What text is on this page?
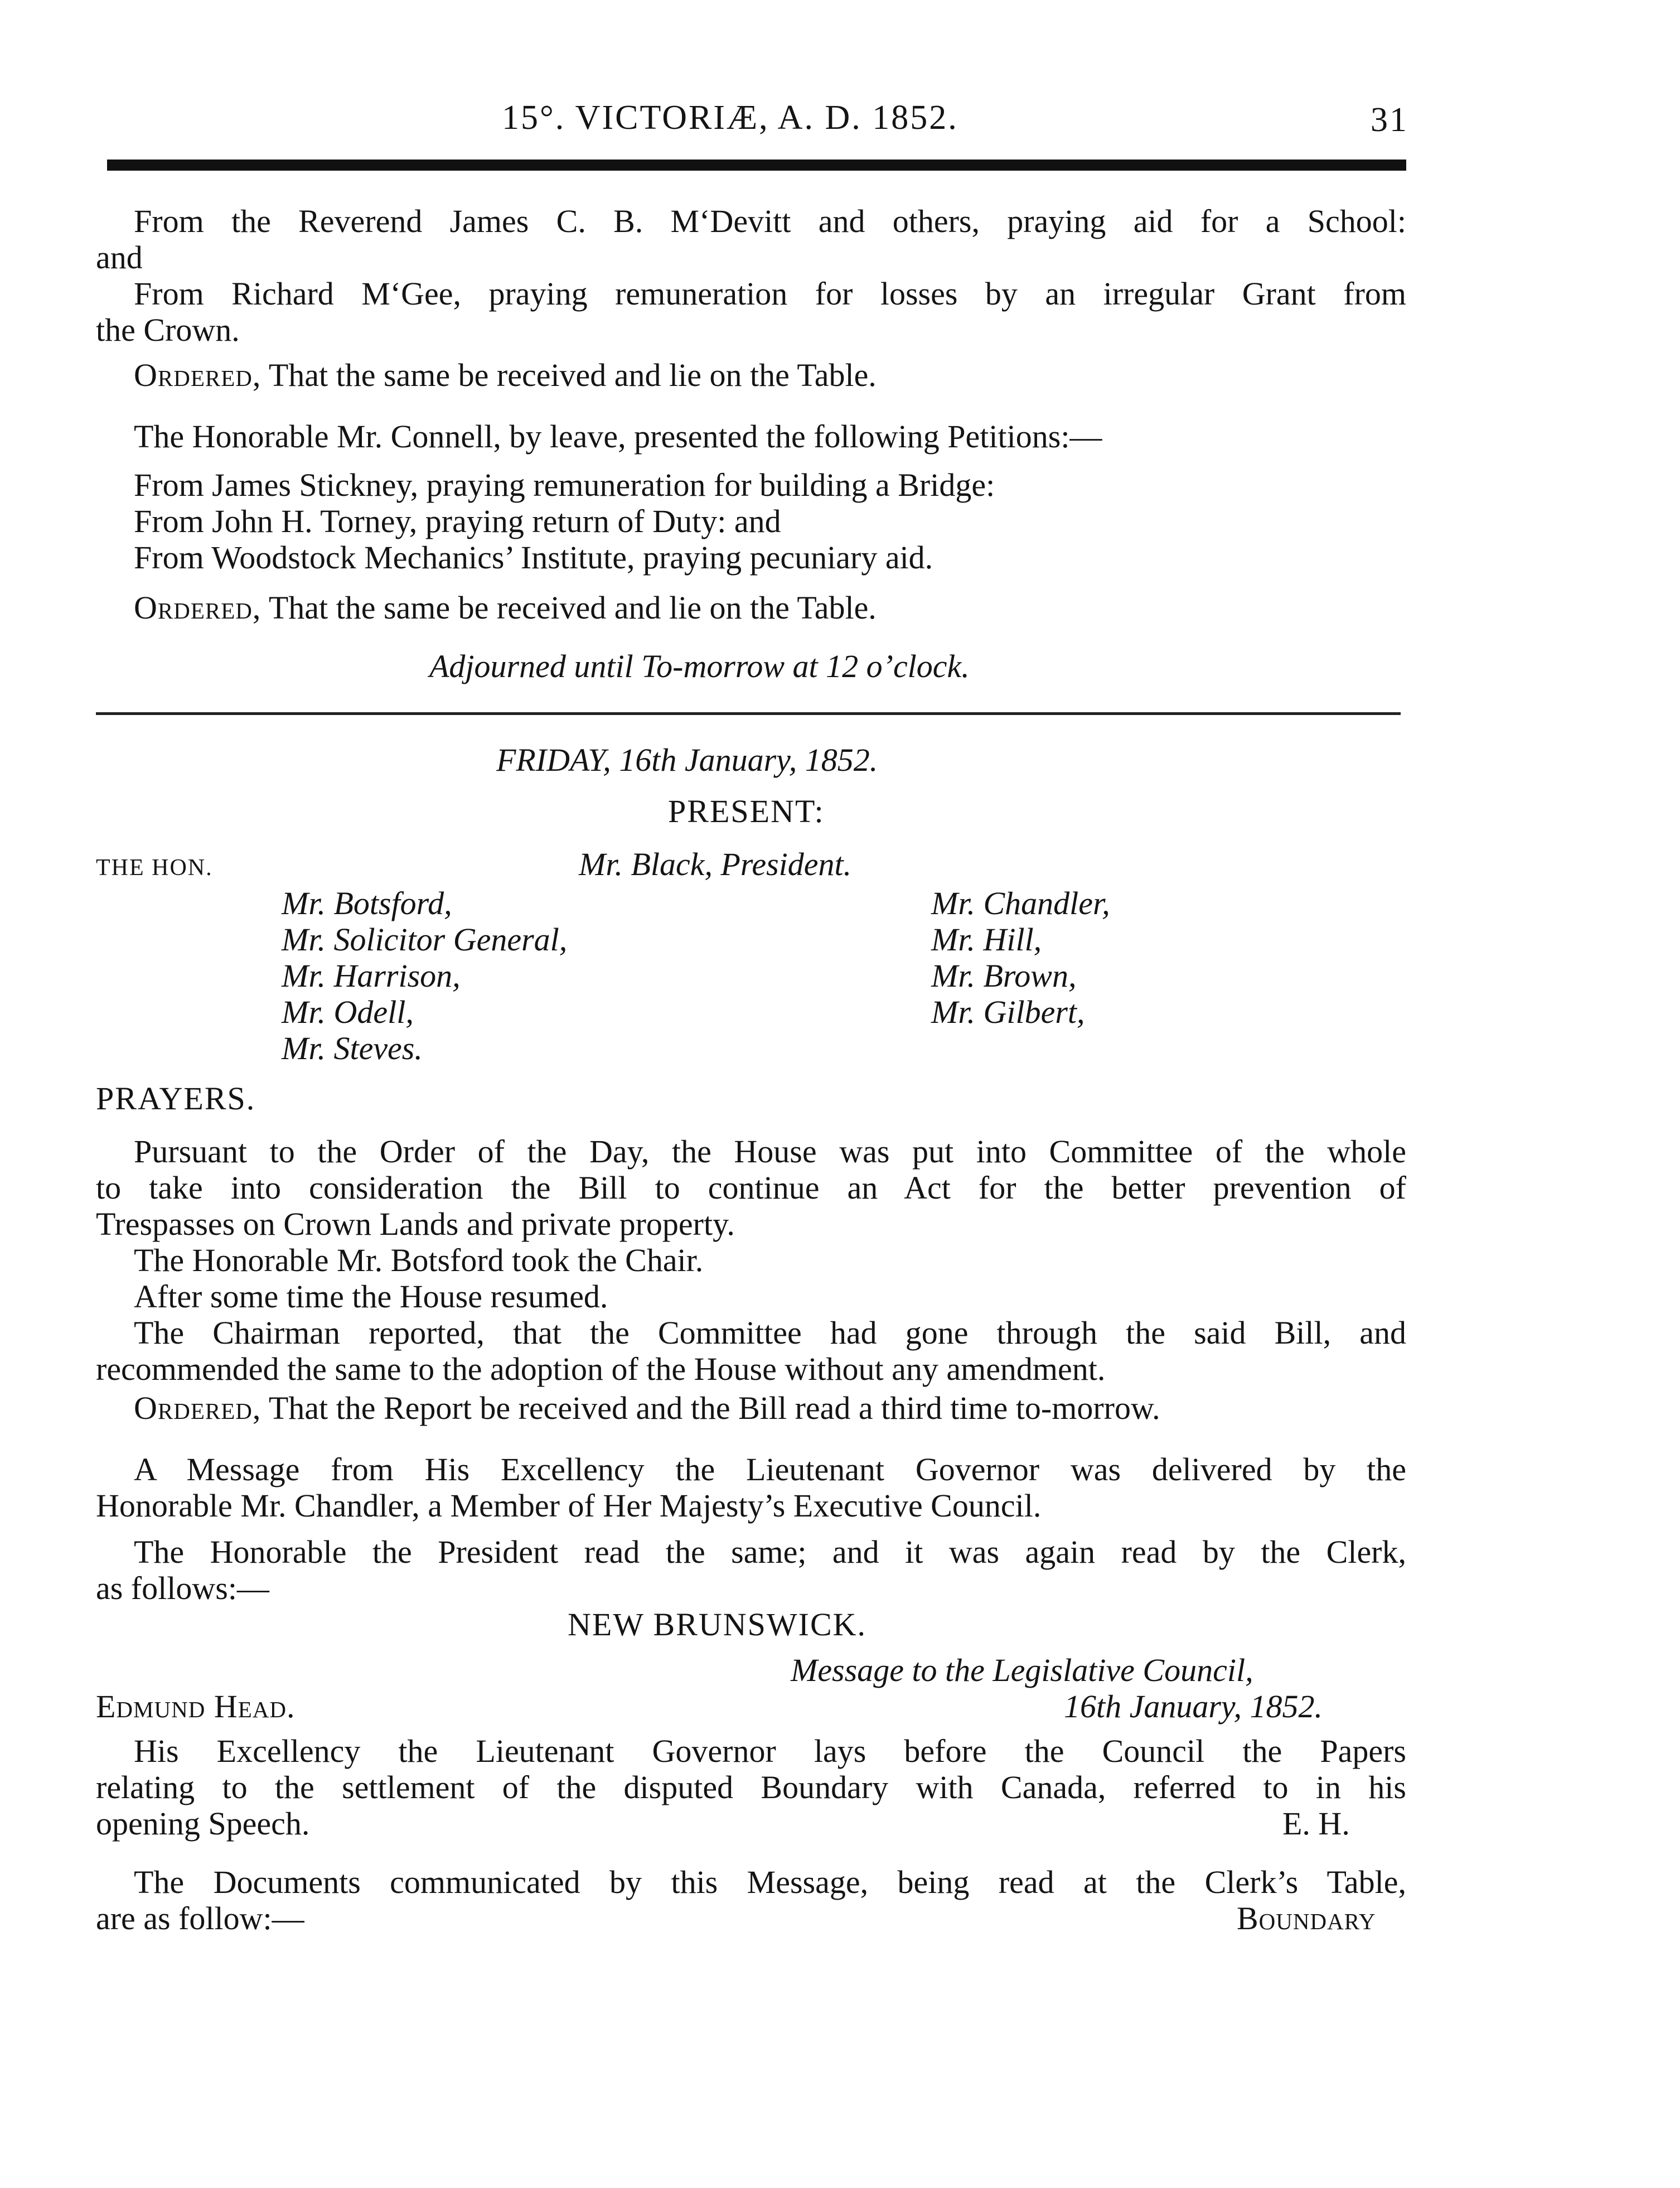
15°. VICTORIÆ, A. D. 1852.	31
From the Reverend James C. B. M‘Devitt and others, praying aid for a School:
and
From Richard M‘Gee, praying remuneration for losses by an irregular Grant from
the Crown.
Ordered, That the same be received and lie on the Table.
The Honorable Mr. Connell, by leave, presented the following Petitions:—
From James Stickney, praying remuneration for building a Bridge:
From John H. Torney, praying return of Duty: and
From Woodstock Mechanics’ Institute, praying pecuniary aid.
Ordered, That the same be received and lie on the Table.
Adjourned until To-morrow at 12 o’clock.
FRIDAY, 16th January, 1852.
PRESENT:
THE HON.	Mr. Black, President.
Mr. Botsford,
Mr. Solicitor General,
Mr. Harrison,
Mr. Odell,
Mr. Steves.
Mr. Chandler,
Mr. Hill,
Mr. Brown,
Mr. Gilbert,
PRAYERS.
Pursuant to the Order of the Day, the House was put into Committee of the whole
to take into consideration the Bill to continue an Act for the better prevention of
Trespasses on Crown Lands and private property.
The Honorable Mr. Botsford took the Chair.
After some time the House resumed.
The Chairman reported, that the Committee had gone through the said Bill, and
recommended the same to the adoption of the House without any amendment.
Ordered, That the Report be received and the Bill read a third time to-morrow.
A Message from His Excellency the Lieutenant Governor was delivered by the
Honorable Mr. Chandler, a Member of Her Majesty’s Executive Council.
The Honorable the President read the same; and it was again read by the Clerk,
as follows:—
NEW BRUNSWICK.
Message to the Legislative Council,
Edmund Head.	16th January, 1852.
His Excellency the Lieutenant Governor lays before the Council the Papers
relating to the settlement of the disputed Boundary with Canada, referred to in his
opening Speech.	E. H.
The Documents communicated by this Message, being read at the Clerk’s Table,
are as follow:—	Boundary
